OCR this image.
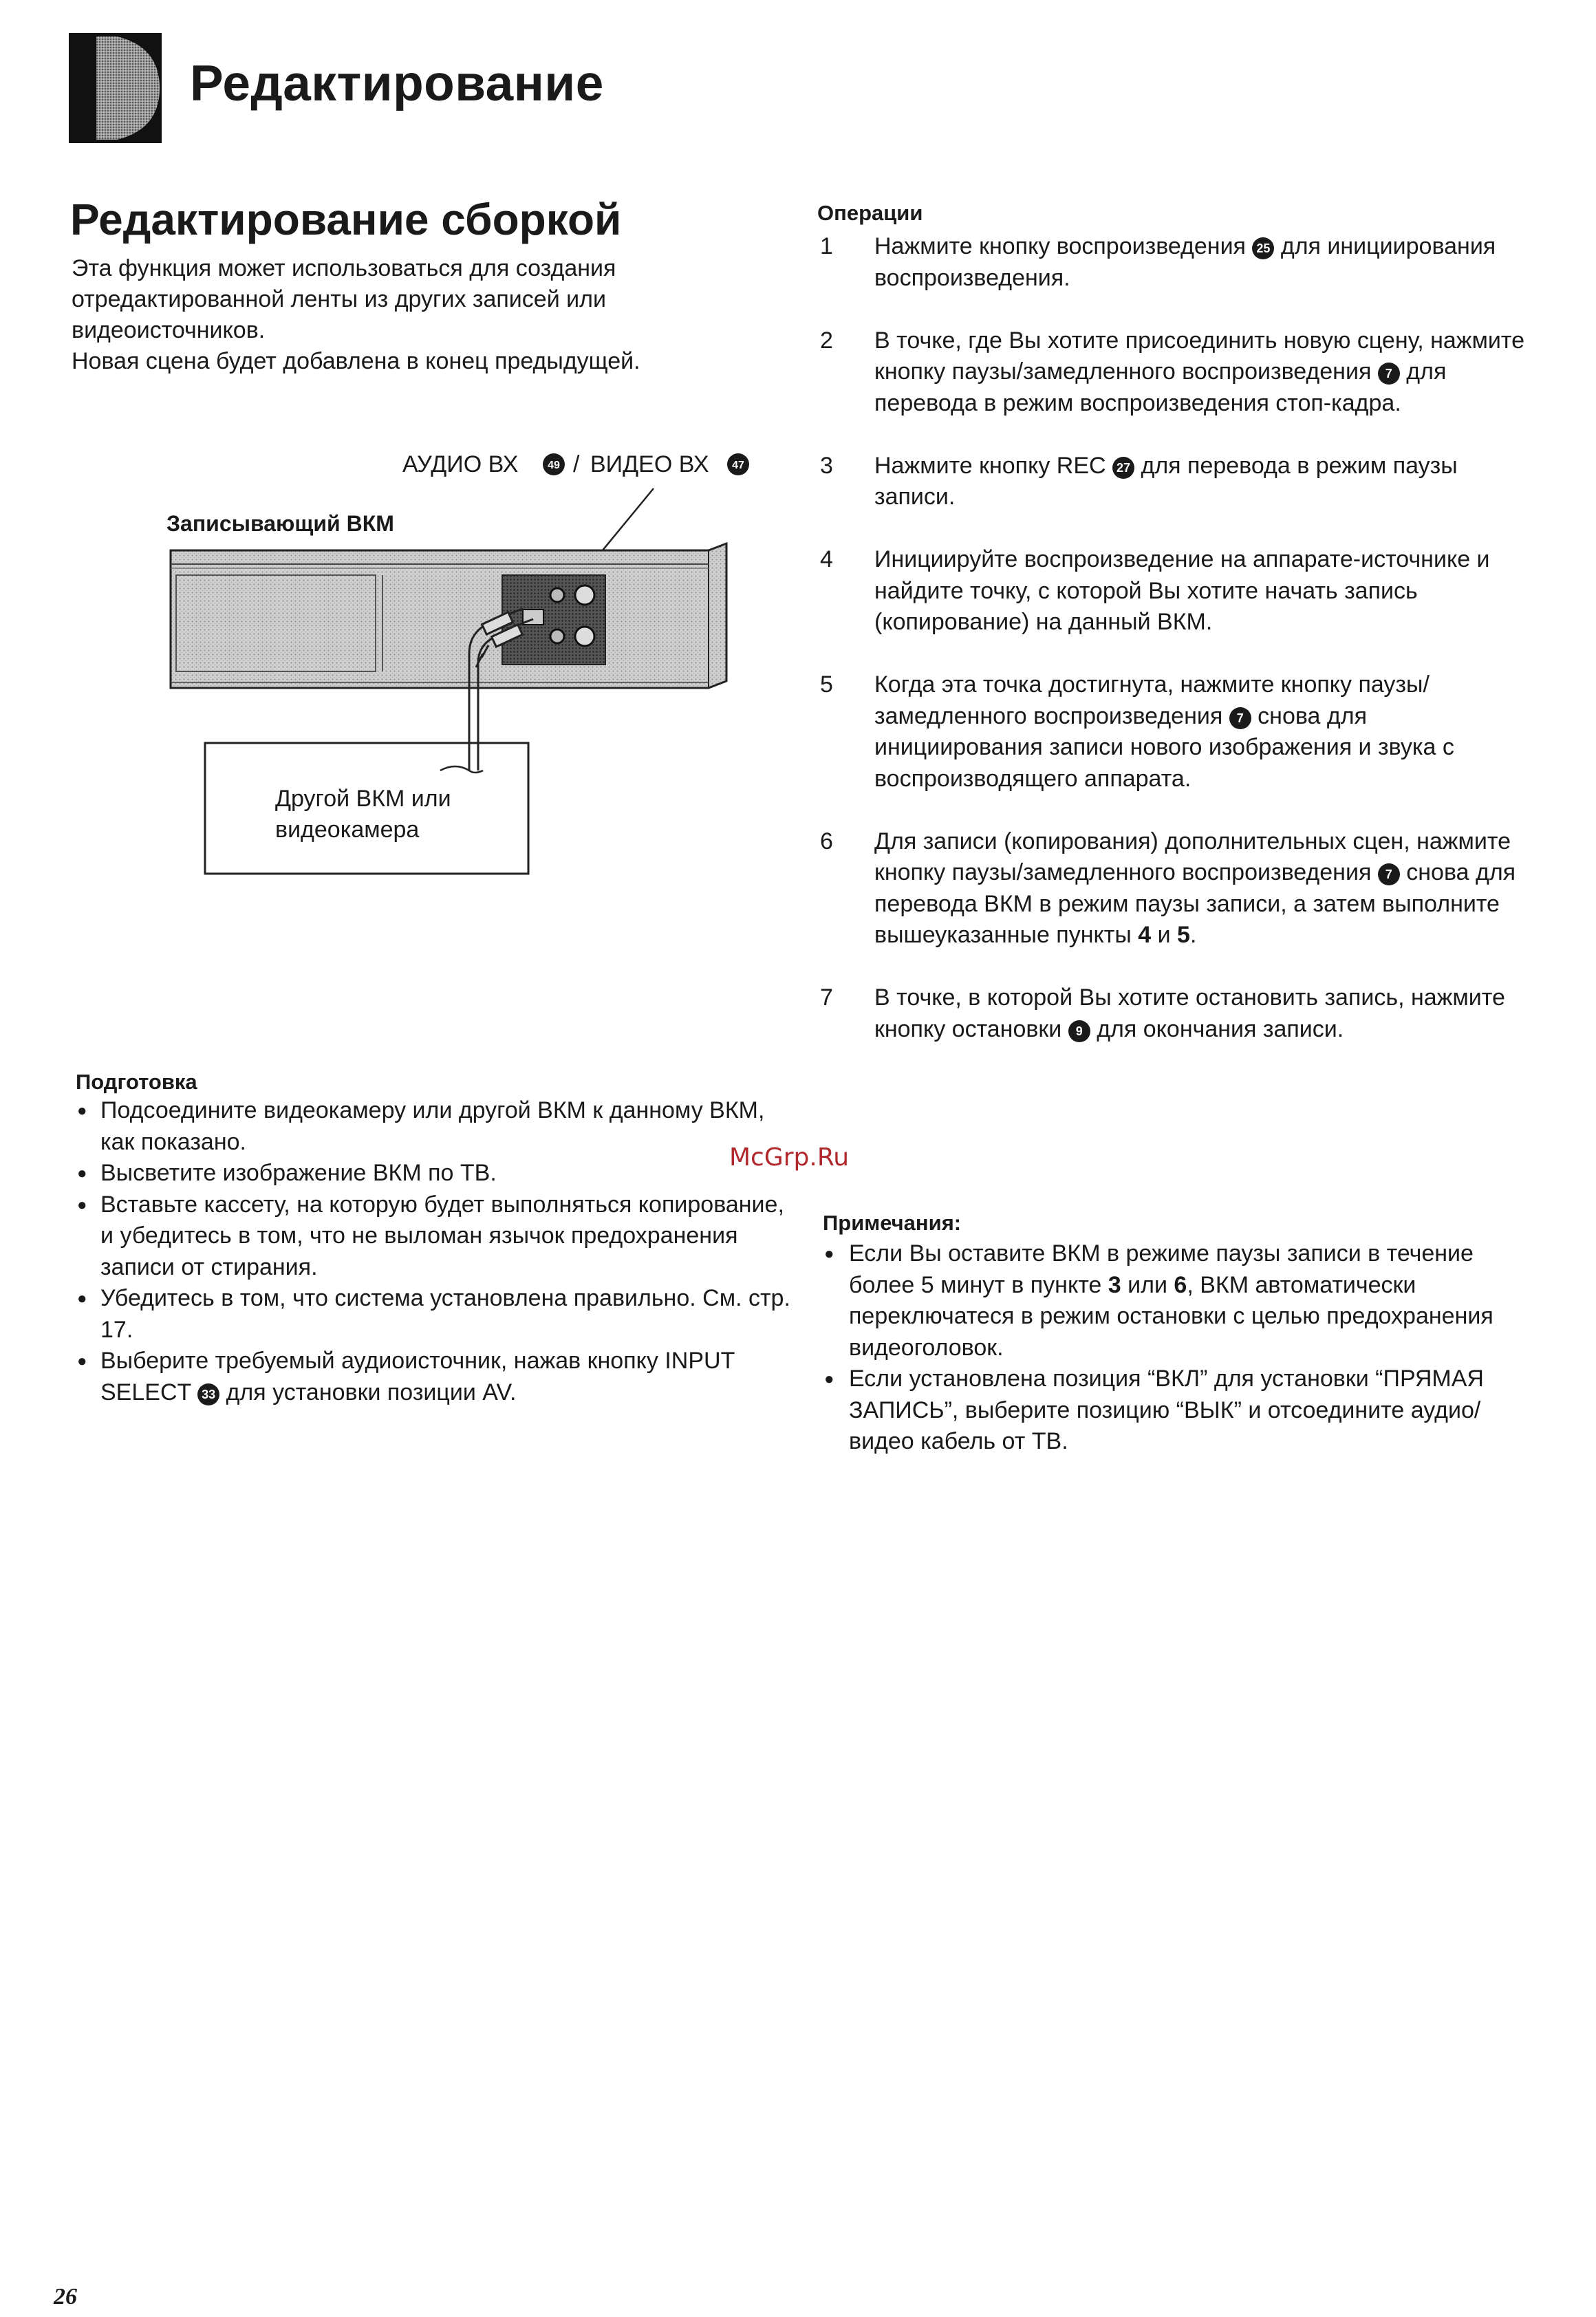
Редактирование
Редактирование сборкой
Эта функция может использоваться для создания отредактированной ленты из других записей или видеоисточников.
Новая сцена будет добавлена в конец предыдущей.
АУДИО ВХ	49 / ВИДЕО ВХ 47
Записывающий ВКМ
Другой ВКМ или
видеокамера
Подготовка
● Подсоедините видеокамеру или другой ВКМ к данному ВКМ, как показано.
● Высветите изображение ВКМ по ТВ.
● Вставьте кассету, на которую будет выполняться копирование, и убедитесь в том, что не выломан язычок предохранения записи от стирания.
● Убедитесь в том, что система установлена правильно. См. стр. 17.
● Выберите требуемый аудиоисточник, нажав кнопку INPUT SELECT 33 для установки позиции AV.
Операции
1 Нажмите кнопку воспроизведения 25 для инициирования воспроизведения.
2 В точке, где Вы хотите присоединить новую сцену, нажмите кнопку паузы/замедленного воспроизведения 7 для перевода в режим воспроизведения стоп-кадра.
3 Нажмите кнопку REC 27 для перевода в режим паузы записи.
4 Инициируйте воспроизведение на аппарате-источнике и найдите точку, с которой Вы хотите начать запись (копирование) на данный ВКМ.
5 Когда эта точка достигнута, нажмите кнопку паузы/замедленного воспроизведения 7 снова для инициирования записи нового изображения и звука с воспроизводящего аппарата.
6 Для записи (копирования) дополнительных сцен, нажмите кнопку паузы/замедленного воспроизведения 7 снова для перевода ВКМ в режим паузы записи, а затем выполните вышеуказанные пункты 4 и 5.
7 В точке, в которой Вы хотите остановить запись, нажмите кнопку остановки 9 для окончания записи.
McGrp.Ru
Примечания:
● Если Вы оставите ВКМ в режиме паузы записи в течение более 5 минут в пункте 3 или 6, ВКМ автоматически переключатеся в режим остановки с целью предохранения видеоголовок.
● Если установлена позиция “ВКЛ” для установки “ПРЯМАЯ ЗАПИСЬ”, выберите позицию “ВЫК” и отсоедините аудио/видео кабель от ТВ.
26
